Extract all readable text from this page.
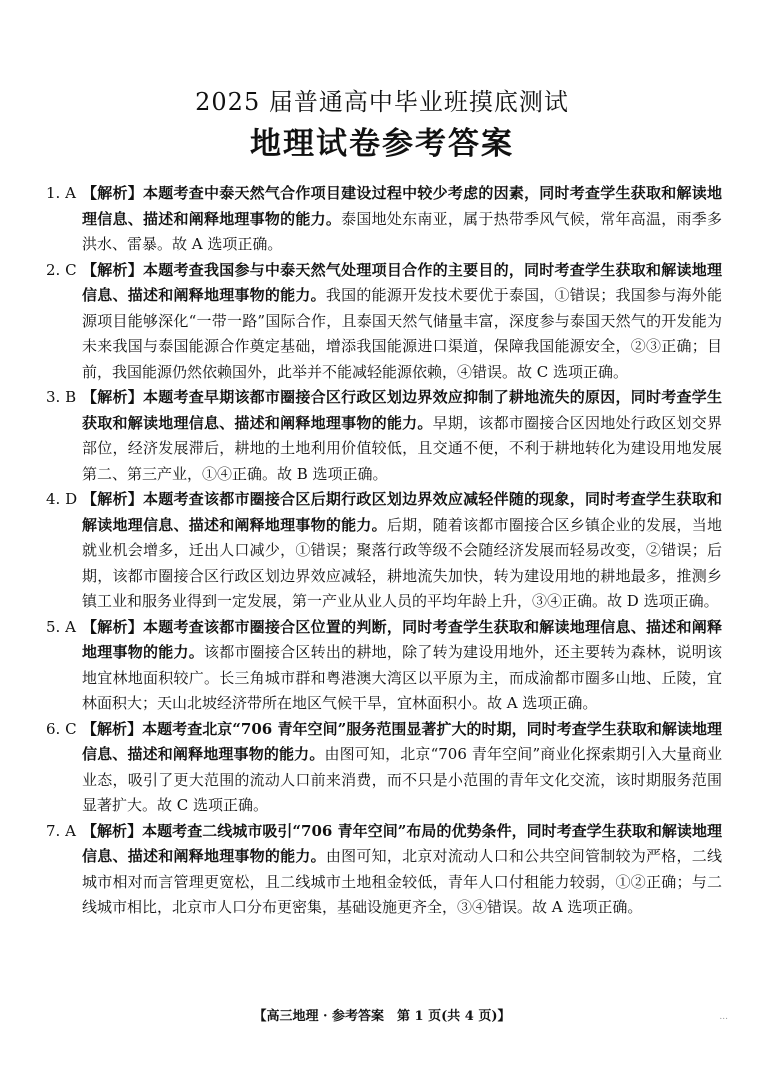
2025 届普通高中毕业班摸底测试
地理试卷参考答案
1. A 【解析】本题考查中泰天然气合作项目建设过程中较少考虑的因素，同时考查学生获取和解读地理信息、描述和阐释地理事物的能力。泰国地处东南亚，属于热带季风气候，常年高温，雨季多洪水、雷暴。故 A 选项正确。
2. C 【解析】本题考查我国参与中泰天然气处理项目合作的主要目的，同时考查学生获取和解读地理信息、描述和阐释地理事物的能力。我国的能源开发技术要优于泰国，①错误；我国参与海外能源项目能够深化“一带一路”国际合作，且泰国天然气储量丰富，深度参与泰国天然气的开发能为未来我国与泰国能源合作奠定基础，增添我国能源进口渠道，保障我国能源安全，②③正确；目前，我国能源仍然依赖国外，此举并不能减轻能源依赖，④错误。故 C 选项正确。
3. B 【解析】本题考查早期该都市圈接合区行政区划边界效应抑制了耕地流失的原因，同时考查学生获取和解读地理信息、描述和阐释地理事物的能力。早期，该都市圈接合区因地处行政区划交界部位，经济发展滞后，耕地的土地利用价值较低，且交通不便，不利于耕地转化为建设用地发展第二、第三产业，①④正确。故 B 选项正确。
4. D 【解析】本题考查该都市圈接合区后期行政区划边界效应减轻伴随的现象，同时考查学生获取和解读地理信息、描述和阐释地理事物的能力。后期，随着该都市圈接合区乡镇企业的发展，当地就业机会增多，迁出人口减少，①错误；聚落行政等级不会随经济发展而轻易改变，②错误；后期，该都市圈接合区行政区划边界效应减轻，耕地流失加快，转为建设用地的耕地最多，推测乡镇工业和服务业得到一定发展，第一产业从业人员的平均年龄上升，③④正确。故 D 选项正确。
5. A 【解析】本题考查该都市圈接合区位置的判断，同时考查学生获取和解读地理信息、描述和阐释地理事物的能力。该都市圈接合区转出的耕地，除了转为建设用地外，还主要转为森林，说明该地宜林地面积较广。长三角城市群和粤港澳大湾区以平原为主，而成渝都市圈多山地、丘陵，宜林面积大；天山北坡经济带所在地区气候干旱，宜林面积小。故 A 选项正确。
6. C 【解析】本题考查北京“706 青年空间”服务范围显著扩大的时期，同时考查学生获取和解读地理信息、描述和阐释地理事物的能力。由图可知，北京“706 青年空间”商业化探索期引入大量商业业态，吸引了更大范围的流动人口前来消费，而不只是小范围的青年文化交流，该时期服务范围显著扩大。故 C 选项正确。
7. A 【解析】本题考查二线城市吸引“706 青年空间”布局的优势条件，同时考查学生获取和解读地理信息、描述和阐释地理事物的能力。由图可知，北京对流动人口和公共空间管制较为严格，二线城市相对而言管理更宽松，且二线城市土地租金较低，青年人口付租能力较弱，①②正确；与二线城市相比，北京市人口分布更密集，基础设施更齐全，③④错误。故 A 选项正确。
【高三地理 · 参考答案　第 1 页(共 4 页)】	...
